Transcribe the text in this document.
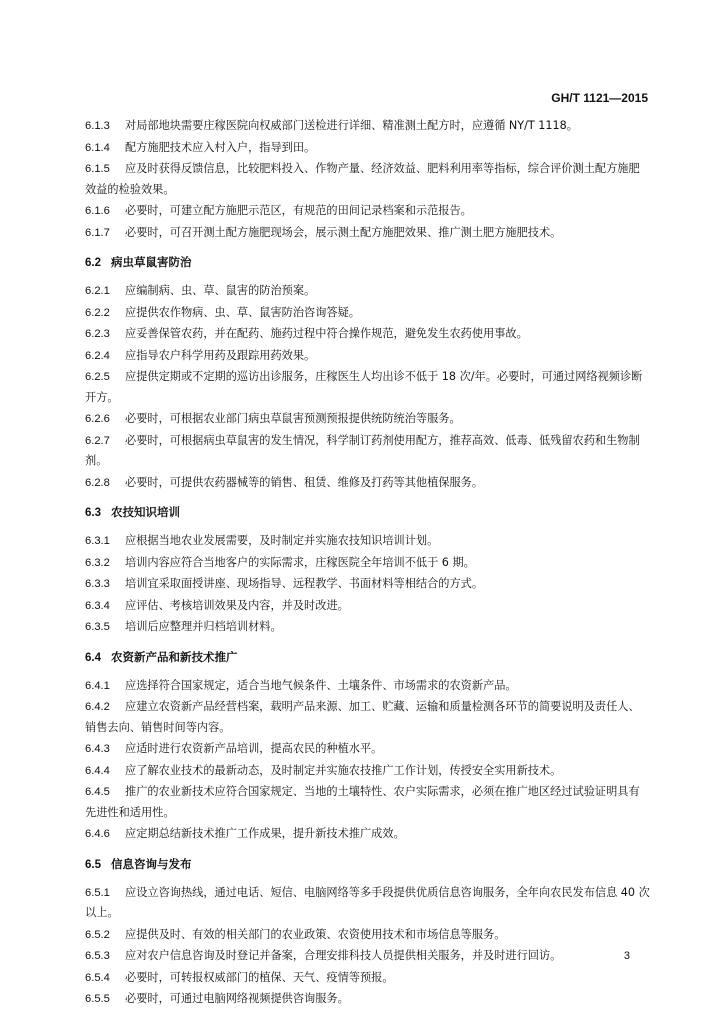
GH/T 1121—2015
6.1.3 对局部地块需要庄稼医院向权威部门送检进行详细、精准测土配方时，应遵循 NY/T 1118。
6.1.4 配方施肥技术应入村入户，指导到田。
6.1.5 应及时获得反馈信息，比较肥料投入、作物产量、经济效益、肥料利用率等指标，综合评价测土配方施肥效益的检验效果。
6.1.6 必要时，可建立配方施肥示范区，有规范的田间记录档案和示范报告。
6.1.7 必要时，可召开测土配方施肥现场会，展示测土配方施肥效果、推广测土肥方施肥技术。
6.2 病虫草鼠害防治
6.2.1 应编制病、虫、草、鼠害的防治预案。
6.2.2 应提供农作物病、虫、草、鼠害防治咨询答疑。
6.2.3 应妥善保管农药，并在配药、施药过程中符合操作规范，避免发生农药使用事故。
6.2.4 应指导农户科学用药及跟踪用药效果。
6.2.5 应提供定期或不定期的巡访出诊服务，庄稼医生人均出诊不低于 18 次/年。必要时，可通过网络视频诊断开方。
6.2.6 必要时，可根据农业部门病虫草鼠害预测预报提供统防统治等服务。
6.2.7 必要时，可根据病虫草鼠害的发生情况，科学制订药剂使用配方，推荐高效、低毒、低残留农药和生物制剂。
6.2.8 必要时，可提供农药器械等的销售、租赁、维修及打药等其他植保服务。
6.3 农技知识培训
6.3.1 应根据当地农业发展需要，及时制定并实施农技知识培训计划。
6.3.2 培训内容应符合当地客户的实际需求，庄稼医院全年培训不低于 6 期。
6.3.3 培训宜采取面授讲座、现场指导、远程教学、书面材料等相结合的方式。
6.3.4 应评估、考核培训效果及内容，并及时改进。
6.3.5 培训后应整理并归档培训材料。
6.4 农资新产品和新技术推广
6.4.1 应选择符合国家规定，适合当地气候条件、土壤条件、市场需求的农资新产品。
6.4.2 应建立农资新产品经营档案，载明产品来源、加工、贮藏、运输和质量检测各环节的简要说明及责任人、销售去向、销售时间等内容。
6.4.3 应适时进行农资新产品培训，提高农民的种植水平。
6.4.4 应了解农业技术的最新动态，及时制定并实施农技推广工作计划，传授安全实用新技术。
6.4.5 推广的农业新技术应符合国家规定、当地的土壤特性、农户实际需求，必须在推广地区经过试验证明具有先进性和适用性。
6.4.6 应定期总结新技术推广工作成果，提升新技术推广成效。
6.5 信息咨询与发布
6.5.1 应设立咨询热线，通过电话、短信、电脑网络等多手段提供优质信息咨询服务，全年向农民发布信息 40 次以上。
6.5.2 应提供及时、有效的相关部门的农业政策、农资使用技术和市场信息等服务。
6.5.3 应对农户信息咨询及时登记并备案，合理安排科技人员提供相关服务，并及时进行回访。
6.5.4 必要时，可转报权威部门的植保、天气、疫情等预报。
6.5.5 必要时，可通过电脑网络视频提供咨询服务。
3
